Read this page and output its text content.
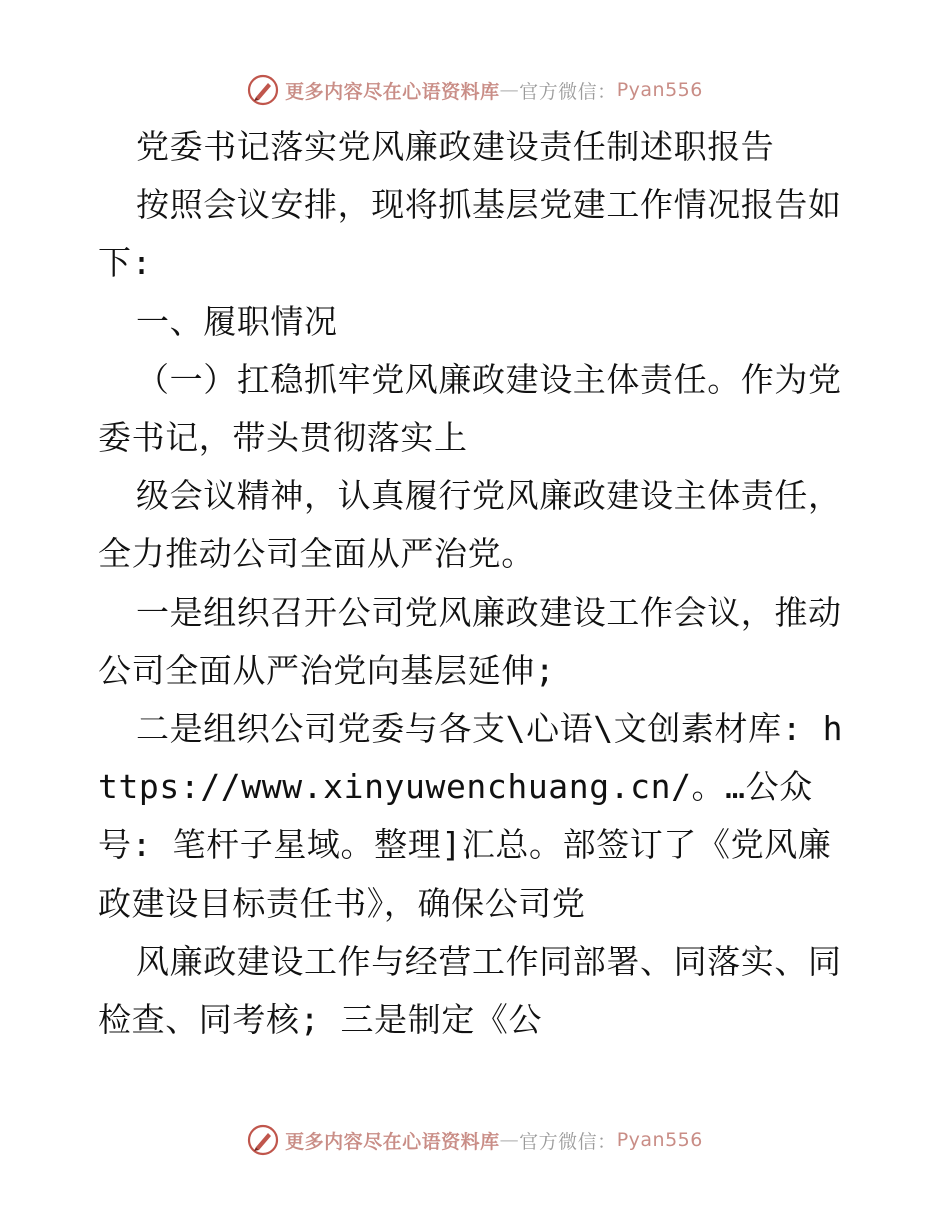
更多内容尽在心语资料库 — 官方微信： Pyan556

党委书记落实党风廉政建设责任制述职报告

按照会议安排，现将抓基层党建工作情况报告如下:

一、履职情况

（一）扛稳抓牢党风廉政建设主体责任。作为党委书记，带头贯彻落实上

级会议精神，认真履行党风廉政建设主体责任，全力推动公司全面从严治党。

一是组织召开公司党风廉政建设工作会议，推动公司全面从严治党向基层延伸;

二是组织公司党委与各支\心语\文创素材库: https://www.xinyuwenchuang.cn/。…公众号: 笔杆子星域。整理]汇总。部签订了《党风廉政建设目标责任书》，确保公司党

风廉政建设工作与经营工作同部署、同落实、同检查、同考核; 三是制定《公

更多内容尽在心语资料库 — 官方微信： Pyan556
